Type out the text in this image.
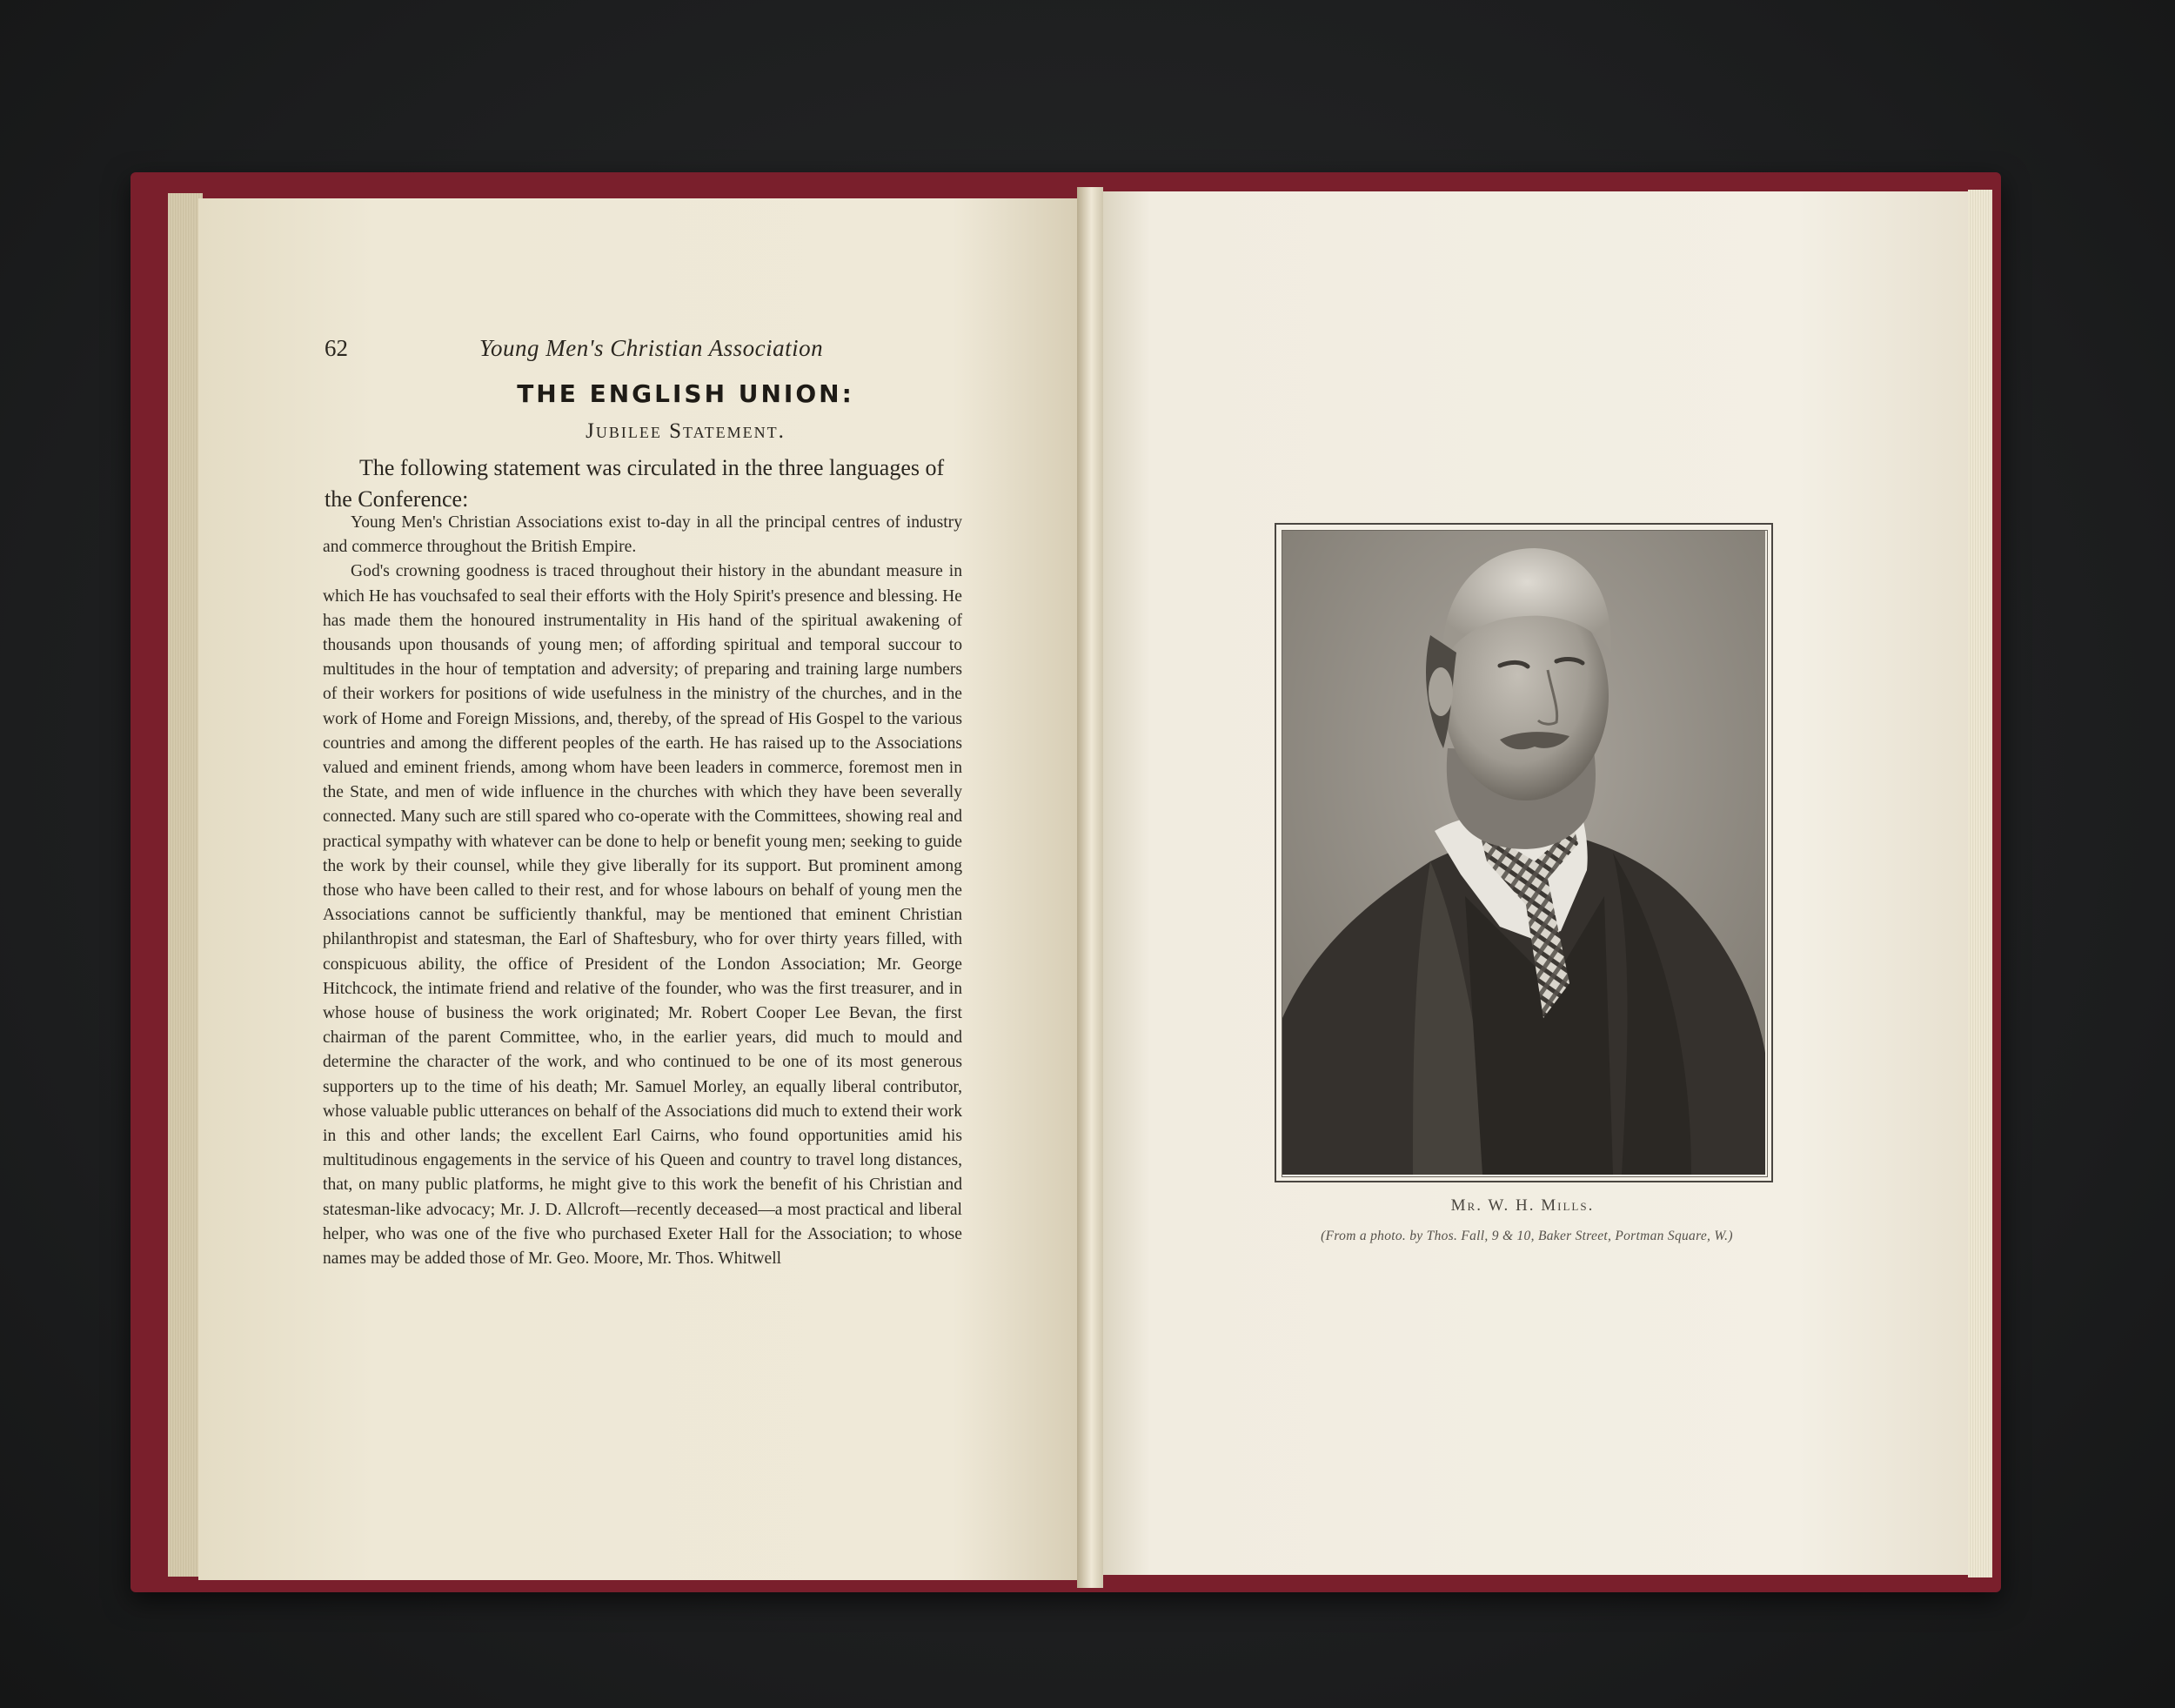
62	Young Men's Christian Association
THE ENGLISH UNION:
Jubilee Statement.
The following statement was circulated in the three languages of the Conference:

Young Men's Christian Associations exist to-day in all the principal centres of industry and commerce throughout the British Empire.

God's crowning goodness is traced throughout their history in the abundant measure in which He has vouchsafed to seal their efforts with the Holy Spirit's presence and blessing. He has made them the honoured instrumentality in His hand of the spiritual awakening of thousands upon thousands of young men; of affording spiritual and temporal succour to multitudes in the hour of temptation and adversity; of preparing and training large numbers of their workers for positions of wide usefulness in the ministry of the churches, and in the work of Home and Foreign Missions, and, thereby, of the spread of His Gospel to the various countries and among the different peoples of the earth. He has raised up to the Associations valued and eminent friends, among whom have been leaders in commerce, foremost men in the State, and men of wide influence in the churches with which they have been severally connected. Many such are still spared who co-operate with the Committees, showing real and practical sympathy with whatever can be done to help or benefit young men; seeking to guide the work by their counsel, while they give liberally for its support. But prominent among those who have been called to their rest, and for whose labours on behalf of young men the Associations cannot be sufficiently thankful, may be mentioned that eminent Christian philanthropist and statesman, the Earl of Shaftesbury, who for over thirty years filled, with conspicuous ability, the office of President of the London Association; Mr. George Hitchcock, the intimate friend and relative of the founder, who was the first treasurer, and in whose house of business the work originated; Mr. Robert Cooper Lee Bevan, the first chairman of the parent Committee, who, in the earlier years, did much to mould and determine the character of the work, and who continued to be one of its most generous supporters up to the time of his death; Mr. Samuel Morley, an equally liberal contributor, whose valuable public utterances on behalf of the Associations did much to extend their work in this and other lands; the excellent Earl Cairns, who found opportunities amid his multitudinous engagements in the service of his Queen and country to travel long distances, that, on many public platforms, he might give to this work the benefit of his Christian and statesman-like advocacy; Mr. J. D. Allcroft—recently deceased—a most practical and liberal helper, who was one of the five who purchased Exeter Hall for the Association; to whose names may be added those of Mr. Geo. Moore, Mr. Thos. Whitwell

Mr. W. H. Mills.
(From a photo. by Thos. Fall, 9 & 10, Baker Street, Portman Square, W.)
